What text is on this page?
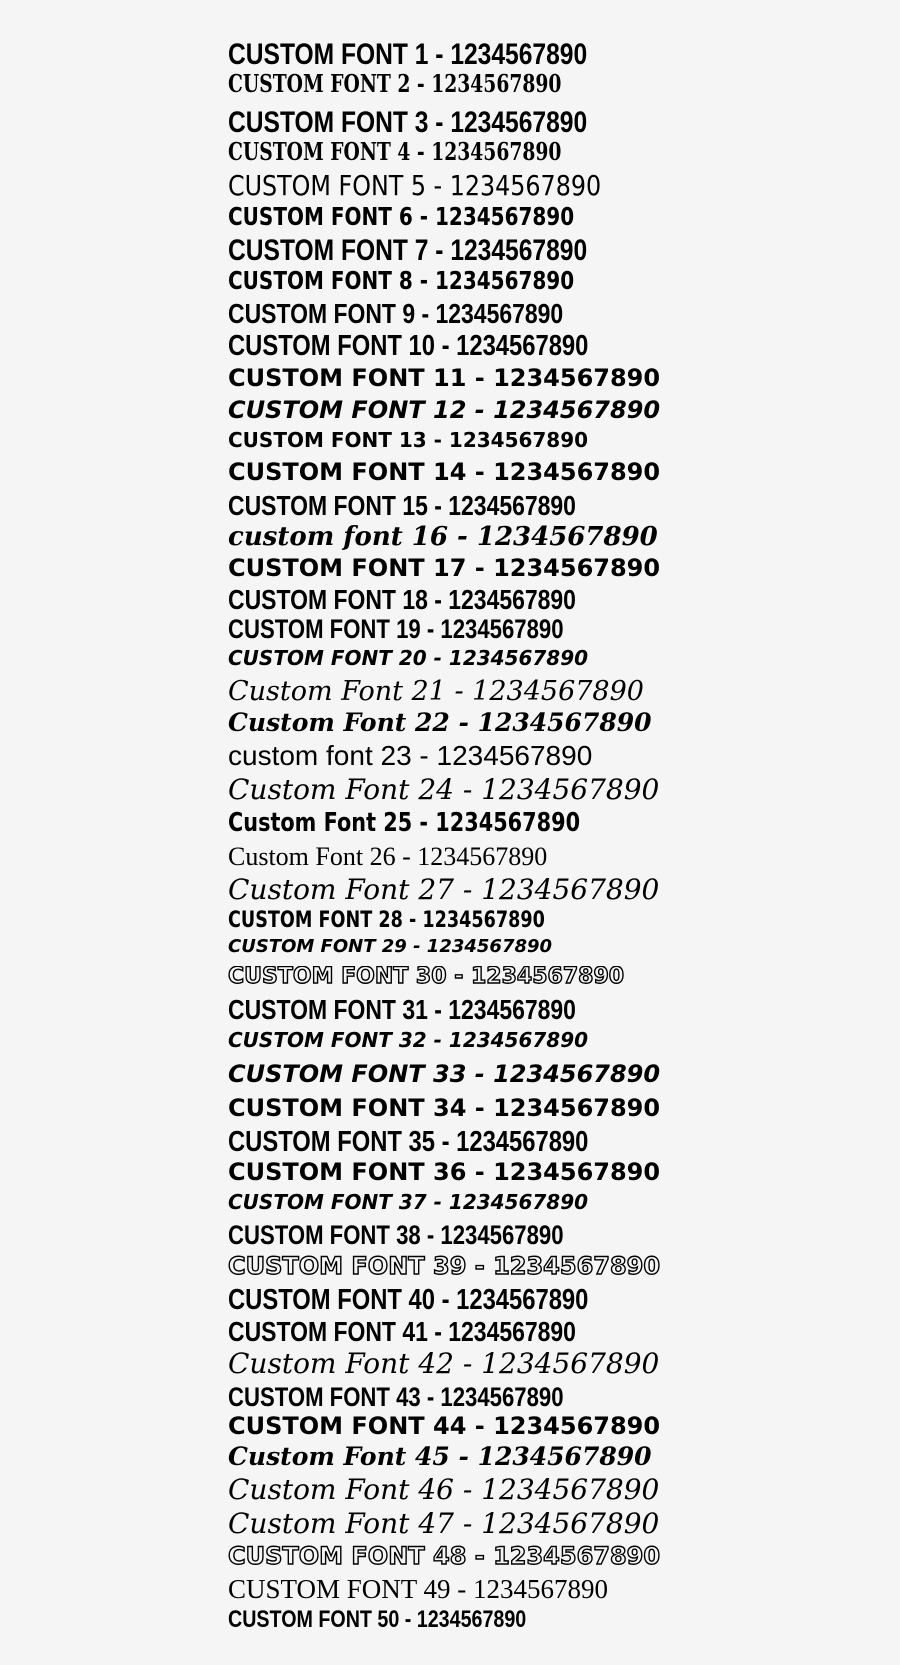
CUSTOM FONT 1 - 1234567890
CUSTOM FONT 2 - 1234567890
CUSTOM FONT 3 - 1234567890
CUSTOM FONT 4 - 1234567890
CUSTOM FONT 5 - 1234567890
CUSTOM FONT 6 - 1234567890
CUSTOM FONT 7 - 1234567890
CUSTOM FONT 8 - 1234567890
CUSTOM FONT 9 - 1234567890
CUSTOM FONT 10 - 1234567890
CUSTOM FONT 11 - 1234567890
CUSTOM FONT 12 - 1234567890
CUSTOM FONT 13 - 1234567890
CUSTOM FONT 14 - 1234567890
CUSTOM FONT 15 - 1234567890
custom font 16 - 1234567890
CUSTOM FONT 17 - 1234567890
CUSTOM FONT 18 - 1234567890
CUSTOM FONT 19 - 1234567890
CUSTOM FONT 20 - 1234567890
Custom Font 21 - 1234567890
Custom Font 22 - 1234567890
custom font 23 - 1234567890
Custom Font 24 - 1234567890
Custom Font 25 - 1234567890
Custom Font 26 - 1234567890
Custom Font 27 - 1234567890
CUSTOM FONT 28 - 1234567890
CUSTOM FONT 29 - 1234567890
CUSTOM FONT 30 - 1234567890
CUSTOM FONT 31 - 1234567890
CUSTOM FONT 32 - 1234567890
CUSTOM FONT 33 - 1234567890
CUSTOM FONT 34 - 1234567890
CUSTOM FONT 35 - 1234567890
CUSTOM FONT 36 - 1234567890
CUSTOM FONT 37 - 1234567890
CUSTOM FONT 38 - 1234567890
CUSTOM FONT 39 - 1234567890
CUSTOM FONT 40 - 1234567890
CUSTOM FONT 41 - 1234567890
Custom Font 42 - 1234567890
CUSTOM FONT 43 - 1234567890
CUSTOM FONT 44 - 1234567890
Custom Font 45 - 1234567890
Custom Font 46 - 1234567890
Custom Font 47 - 1234567890
CUSTOM FONT 48 - 1234567890
CUSTOM FONT 49 - 1234567890
CUSTOM FONT 50 - 1234567890
